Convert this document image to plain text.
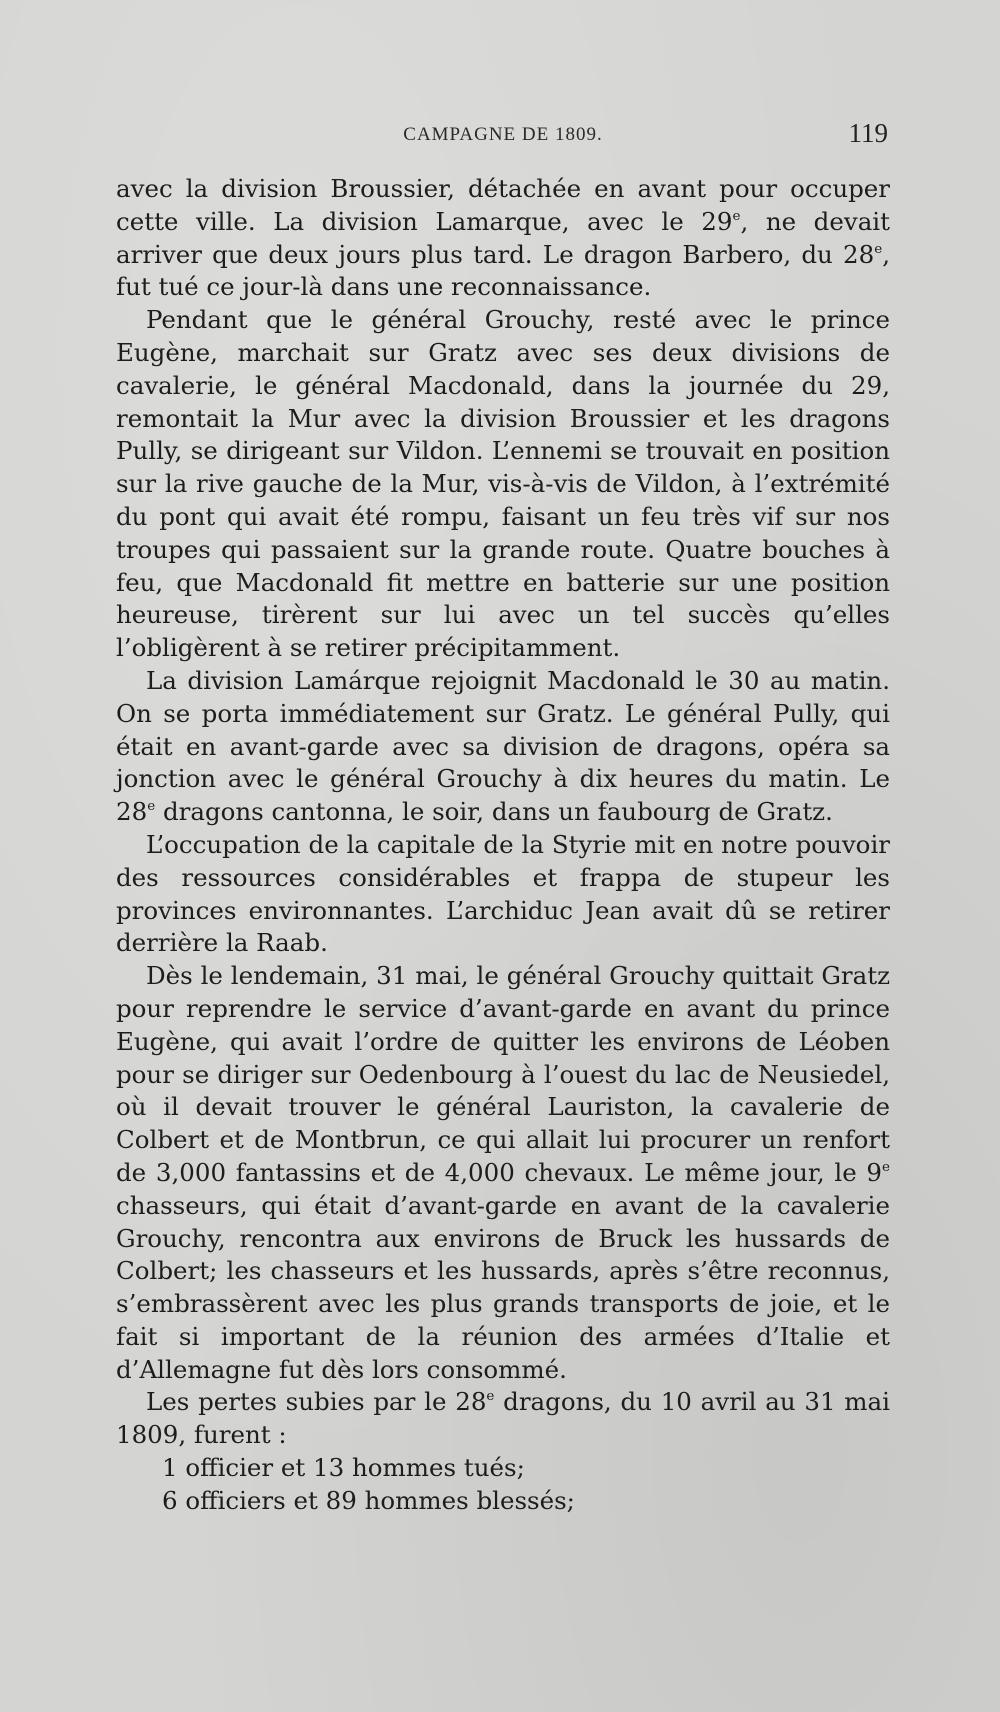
CAMPAGNE DE 1809.	119

avec la division Broussier, détachée en avant pour occuper cette ville. La division Lamarque, avec le 29e, ne devait arriver que deux jours plus tard. Le dragon Barbero, du 28e, fut tué ce jour-là dans une reconnaissance.

Pendant que le général Grouchy, resté avec le prince Eugène, marchait sur Gratz avec ses deux divisions de cavalerie, le général Macdonald, dans la journée du 29, remontait la Mur avec la division Broussier et les dragons Pully, se dirigeant sur Vildon. L’ennemi se trouvait en position sur la rive gauche de la Mur, vis-à-vis de Vildon, à l’extrémité du pont qui avait été rompu, faisant un feu très vif sur nos troupes qui passaient sur la grande route. Quatre bouches à feu, que Macdonald fit mettre en batterie sur une position heureuse, tirèrent sur lui avec un tel succès qu’elles l’obligèrent à se retirer précipitamment.

La division Lamárque rejoignit Macdonald le 30 au matin. On se porta immédiatement sur Gratz. Le général Pully, qui était en avant-garde avec sa division de dragons, opéra sa jonction avec le général Grouchy à dix heures du matin. Le 28e dragons cantonna, le soir, dans un faubourg de Gratz.

L’occupation de la capitale de la Styrie mit en notre pouvoir des ressources considérables et frappa de stupeur les provinces environnantes. L’archiduc Jean avait dû se retirer derrière la Raab.

Dès le lendemain, 31 mai, le général Grouchy quittait Gratz pour reprendre le service d’avant-garde en avant du prince Eugène, qui avait l’ordre de quitter les environs de Léoben pour se diriger sur Oedenbourg à l’ouest du lac de Neusiedel, où il devait trouver le général Lauriston, la cavalerie de Colbert et de Montbrun, ce qui allait lui procurer un renfort de 3,000 fantassins et de 4,000 chevaux. Le même jour, le 9e chasseurs, qui était d’avant-garde en avant de la cavalerie Grouchy, rencontra aux environs de Bruck les hussards de Colbert; les chasseurs et les hussards, après s’être reconnus, s’embrassèrent avec les plus grands transports de joie, et le fait si important de la réunion des armées d’Italie et d’Allemagne fut dès lors consommé.

Les pertes subies par le 28e dragons, du 10 avril au 31 mai 1809, furent :

1 officier et 13 hommes tués;

6 officiers et 89 hommes blessés;
